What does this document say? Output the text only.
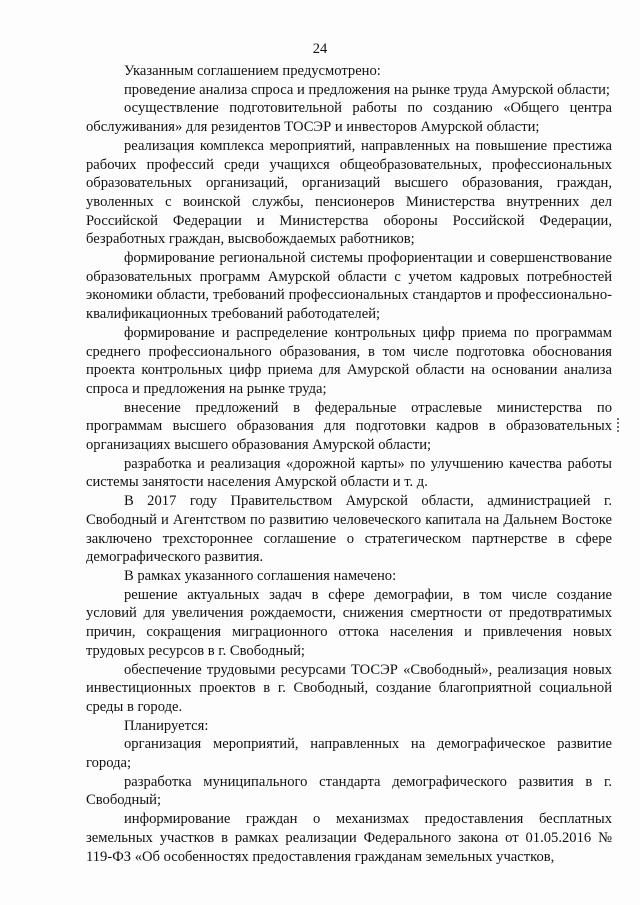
24

Указанным соглашением предусмотрено:

проведение анализа спроса и предложения на рынке труда Амурской области;

осуществление подготовительной работы по созданию «Общего центра обслуживания» для резидентов ТОСЭР и инвесторов Амурской области;

реализация комплекса мероприятий, направленных на повышение престижа рабочих профессий среди учащихся общеобразовательных, профессиональных образовательных организаций, организаций высшего образования, граждан, уволенных с воинской службы, пенсионеров Министерства внутренних дел Российской Федерации и Министерства обороны Российской Федерации, безработных граждан, высвобождаемых работников;

формирование региональной системы профориентации и совершенствование образовательных программ Амурской области с учетом кадровых потребностей экономики области, требований профессиональных стандартов и профессионально-квалификационных требований работодателей;

формирование и распределение контрольных цифр приема по программам среднего профессионального образования, в том числе подготовка обоснования проекта контрольных цифр приема для Амурской области на основании анализа спроса и предложения на рынке труда;

внесение предложений в федеральные отраслевые министерства по программам высшего образования для подготовки кадров в образовательных организациях высшего образования Амурской области;

разработка и реализация «дорожной карты» по улучшению качества работы системы занятости населения Амурской области и т. д.

В 2017 году Правительством Амурской области, администрацией г. Свободный и Агентством по развитию человеческого капитала на Дальнем Востоке заключено трехстороннее соглашение о стратегическом партнерстве в сфере демографического развития.

В рамках указанного соглашения намечено:

решение актуальных задач в сфере демографии, в том числе создание условий для увеличения рождаемости, снижения смертности от предотвратимых причин, сокращения миграционного оттока населения и привлечения новых трудовых ресурсов в г. Свободный;

обеспечение трудовыми ресурсами ТОСЭР «Свободный», реализация новых инвестиционных проектов в г. Свободный, создание благоприятной социальной среды в городе.

Планируется:

организация мероприятий, направленных на демографическое развитие города;

разработка муниципального стандарта демографического развития в г. Свободный;

информирование граждан о механизмах предоставления бесплатных земельных участков в рамках реализации Федерального закона от 01.05.2016 № 119-ФЗ «Об особенностях предоставления гражданам земельных участков,
